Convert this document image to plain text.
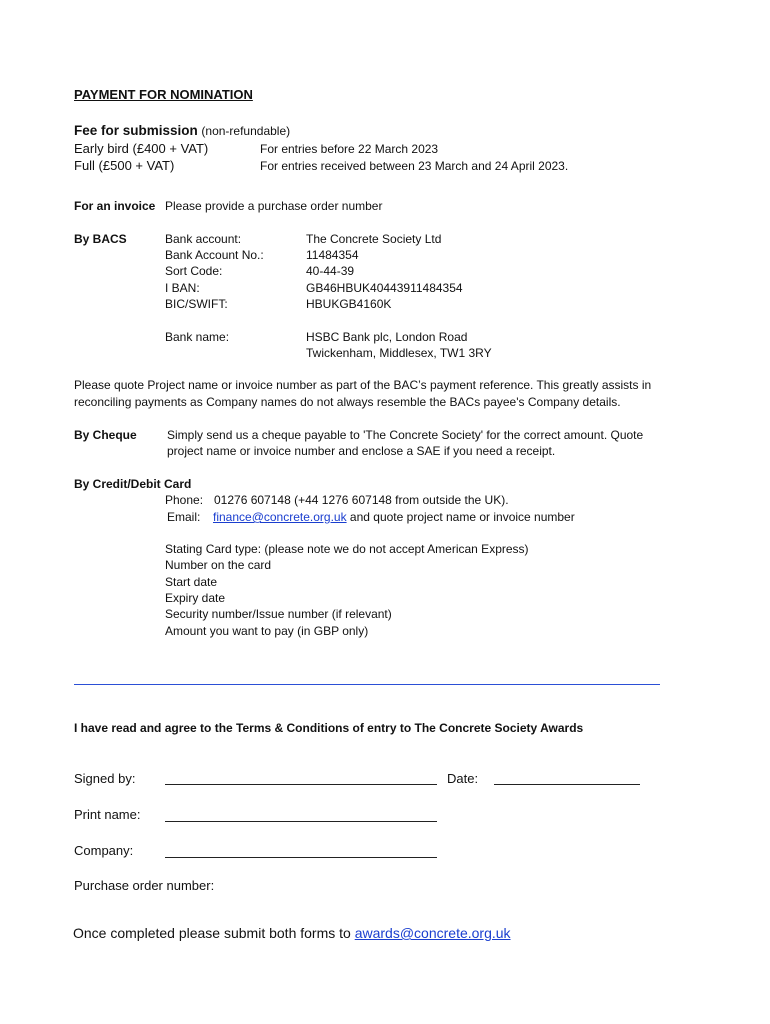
PAYMENT FOR NOMINATION
Fee for submission (non-refundable)
Early bird (£400 + VAT)	For entries before 22 March 2023
Full (£500 + VAT)	For entries received between 23 March and 24 April 2023.
For an invoice Please provide a purchase order number
By BACS	Bank account:	The Concrete Society Ltd
Bank Account No.:	11484354
Sort Code:	40-44-39
I BAN:	GB46HBUK40443911484354
BIC/SWIFT:	HBUKGB4160K
Bank name:	HSBC Bank plc, London Road
Twickenham, Middlesex, TW1 3RY
Please quote Project name or invoice number as part of the BAC’s payment reference. This greatly assists in
reconciling payments as Company names do not always resemble the BACs payee's Company details.
By Cheque	Simply send us a cheque payable to 'The Concrete Society' for the correct amount. Quote
project name or invoice number and enclose a SAE if you need a receipt.
By Credit/Debit Card
Phone: 01276 607148 (+44 1276 607148 from outside the UK).
Email: finance@concrete.org.uk and quote project name or invoice number
Stating Card type: (please note we do not accept American Express)
Number on the card
Start date
Expiry date
Security number/Issue number (if relevant)
Amount you want to pay (in GBP only)
I have read and agree to the Terms & Conditions of entry to The Concrete Society Awards
Signed by:	Date:
Print name:
Company:
Purchase order number:
Once completed please submit both forms to awards@concrete.org.uk
